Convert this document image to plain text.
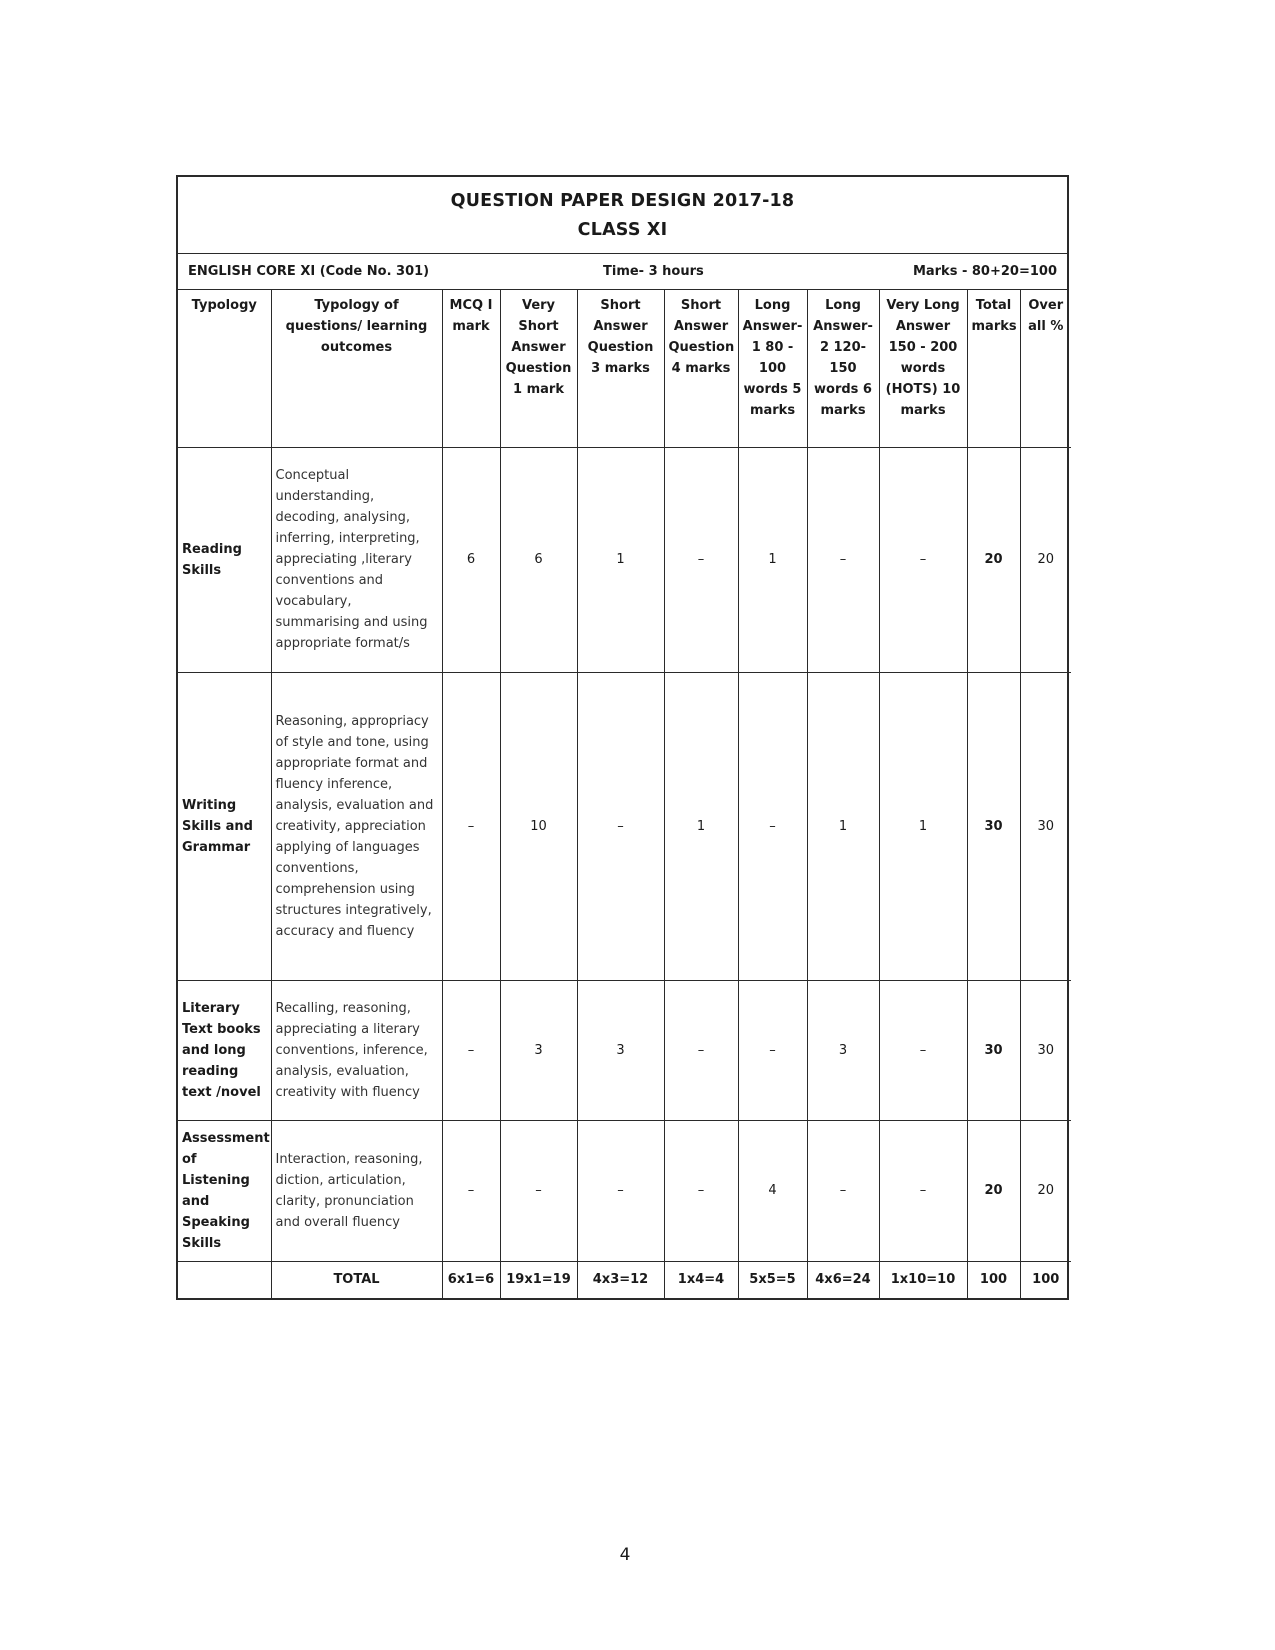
QUESTION PAPER DESIGN 2017-18
CLASS XI
ENGLISH CORE XI (Code No. 301)	Time- 3 hours	Marks - 80+20=100
Typology	Typology of questions/ learning outcomes	MCQ I mark	Very Short Answer Question 1 mark	Short Answer Question 3 marks	Short Answer Question 4 marks	Long Answer- 1 80 - 100 words 5 marks	Long Answer- 2 120-150 words 6 marks	Very Long Answer 150 - 200 words (HOTS) 10 marks	Total marks	Over all %
Reading Skills	Conceptual understanding, decoding, analysing, inferring, interpreting, appreciating ,literary conventions and vocabulary, summarising and using appropriate format/s	6	6	1	–	1	–	–	20	20
Writing Skills and Grammar	Reasoning, appropriacy of style and tone, using appropriate format and fluency inference, analysis, evaluation and creativity, appreciation applying of languages conventions, comprehension using structures integratively, accuracy and fluency	–	10	–	1	–	1	1	30	30
Literary Text books and long reading text /novel	Recalling, reasoning, appreciating a literary conventions, inference, analysis, evaluation, creativity with fluency	–	3	3	–	–	3	–	30	30
Assessment of Listening and Speaking Skills	Interaction, reasoning, diction, articulation, clarity, pronunciation and overall fluency	–	–	–	–	4	–	–	20	20
	TOTAL	6x1=6	19x1=19	4x3=12	1x4=4	5x5=5	4x6=24	1x10=10	100	100
4
